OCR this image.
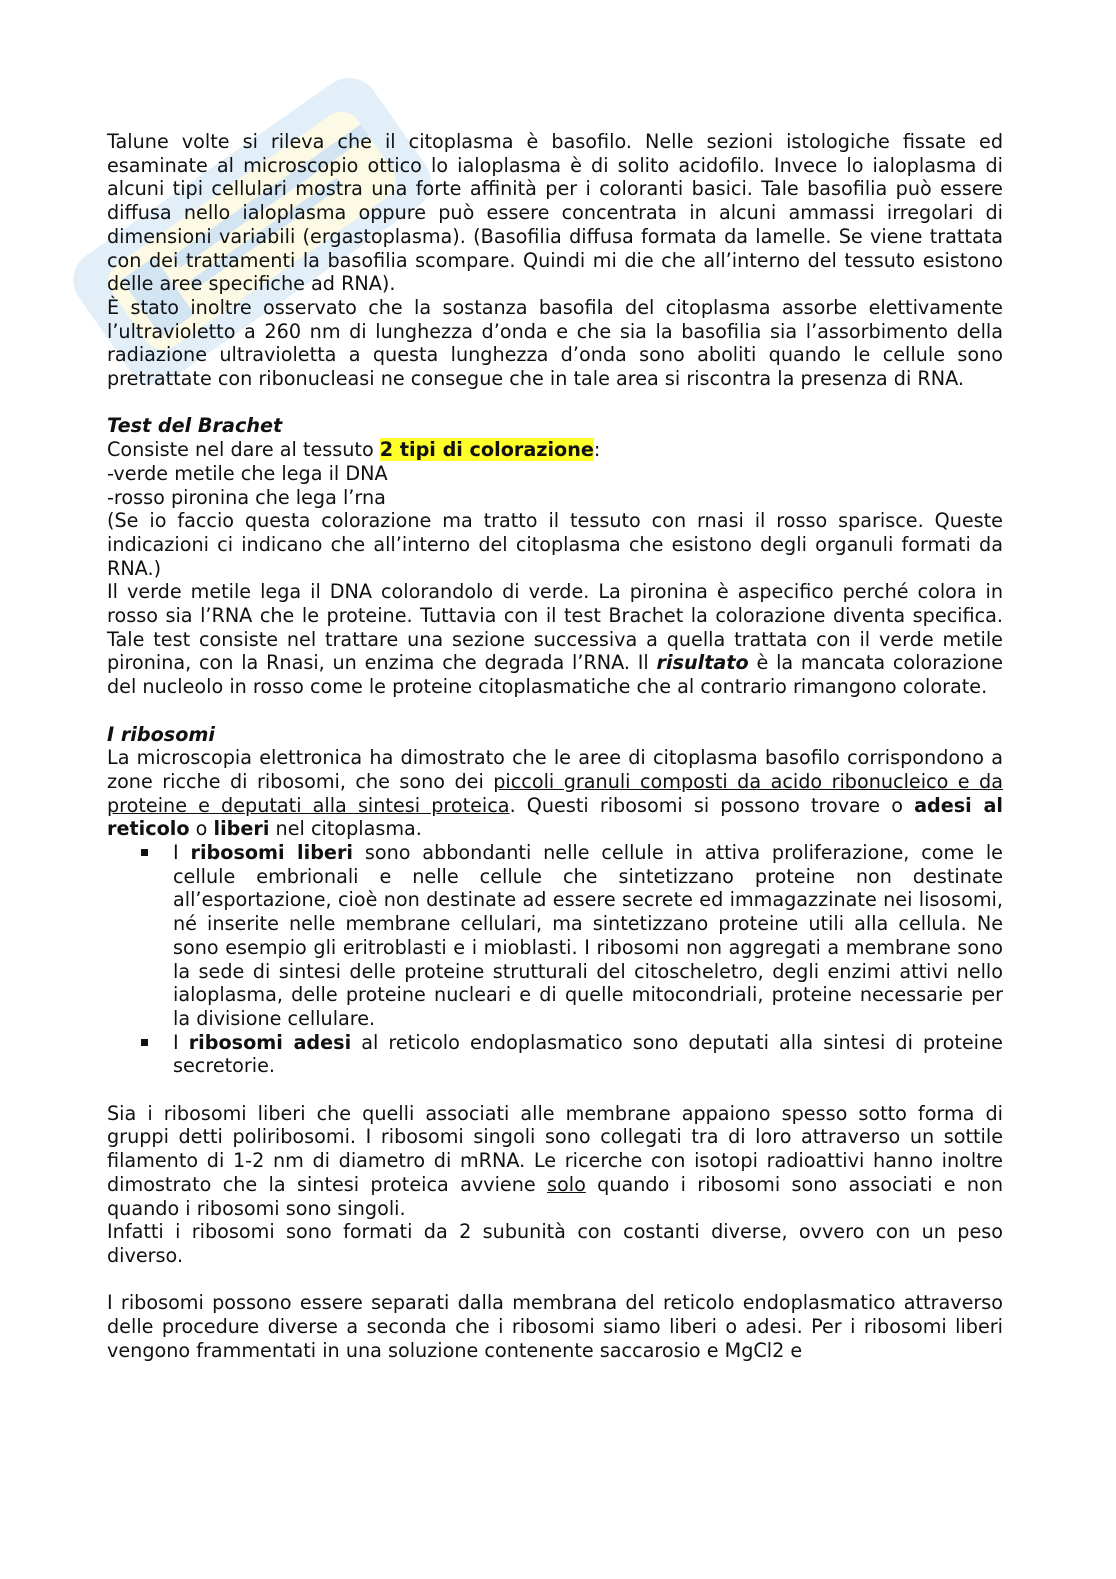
Talune volte si rileva che il citoplasma è basofilo. Nelle sezioni istologiche fissate ed esaminate al microscopio ottico lo ialoplasma è di solito acidofilo. Invece lo ialoplasma di alcuni tipi cellulari mostra una forte affinità per i coloranti basici. Tale basofilia può essere diffusa nello ialoplasma oppure può essere concentrata in alcuni ammassi irregolari di dimensioni variabili (ergastoplasma). (Basofilia diffusa formata da lamelle. Se viene trattata con dei trattamenti la basofilia scompare. Quindi mi die che all’interno del tessuto esistono delle aree specifiche ad RNA).

È stato inoltre osservato che la sostanza basofila del citoplasma assorbe elettivamente l’ultravioletto a 260 nm di lunghezza d’onda e che sia la basofilia sia l’assorbimento della radiazione ultravioletta a questa lunghezza d’onda sono aboliti quando le cellule sono pretrattate con ribonucleasi ne consegue che in tale area si riscontra la presenza di RNA.

Test del Brachet

Consiste nel dare al tessuto 2 tipi di colorazione:

-verde metile che lega il DNA

-rosso pironina che lega l’rna

(Se io faccio questa colorazione ma tratto il tessuto con rnasi il rosso sparisce. Queste indicazioni ci indicano che all’interno del citoplasma che esistono degli organuli formati da RNA.)

Il verde metile lega il DNA colorandolo di verde. La pironina è aspecifico perché colora in rosso sia l’RNA che le proteine. Tuttavia con il test Brachet la colorazione diventa specifica. Tale test consiste nel trattare una sezione successiva a quella trattata con il verde metile pironina, con la Rnasi, un enzima che degrada l’RNA. Il risultato è la mancata colorazione del nucleolo in rosso come le proteine citoplasmatiche che al contrario rimangono colorate.

I ribosomi

La microscopia elettronica ha dimostrato che le aree di citoplasma basofilo corrispondono a zone ricche di ribosomi, che sono dei piccoli granuli composti da acido ribonucleico e da proteine e deputati alla sintesi proteica. Questi ribosomi si possono trovare o adesi al reticolo o liberi nel citoplasma.

I ribosomi liberi sono abbondanti nelle cellule in attiva proliferazione, come le cellule embrionali e nelle cellule che sintetizzano proteine non destinate all’esportazione, cioè non destinate ad essere secrete ed immagazzinate nei lisosomi, né inserite nelle membrane cellulari, ma sintetizzano proteine utili alla cellula. Ne sono esempio gli eritroblasti e i mioblasti. I ribosomi non aggregati a membrane sono la sede di sintesi delle proteine strutturali del citoscheletro, degli enzimi attivi nello ialoplasma, delle proteine nucleari e di quelle mitocondriali, proteine necessarie per la divisione cellulare.
I ribosomi adesi al reticolo endoplasmatico sono deputati alla sintesi di proteine secretorie.

Sia i ribosomi liberi che quelli associati alle membrane appaiono spesso sotto forma di gruppi detti poliribosomi. I ribosomi singoli sono collegati tra di loro attraverso un sottile filamento di 1-2 nm di diametro di mRNA. Le ricerche con isotopi radioattivi hanno inoltre dimostrato che la sintesi proteica avviene solo quando i ribosomi sono associati e non quando i ribosomi sono singoli.

Infatti i ribosomi sono formati da 2 subunità con costanti diverse, ovvero con un peso diverso.

I ribosomi possono essere separati dalla membrana del reticolo endoplasmatico attraverso delle procedure diverse a seconda che i ribosomi siamo liberi o adesi. Per i ribosomi liberi vengono frammentati in una soluzione contenente saccarosio e MgCl2 e
